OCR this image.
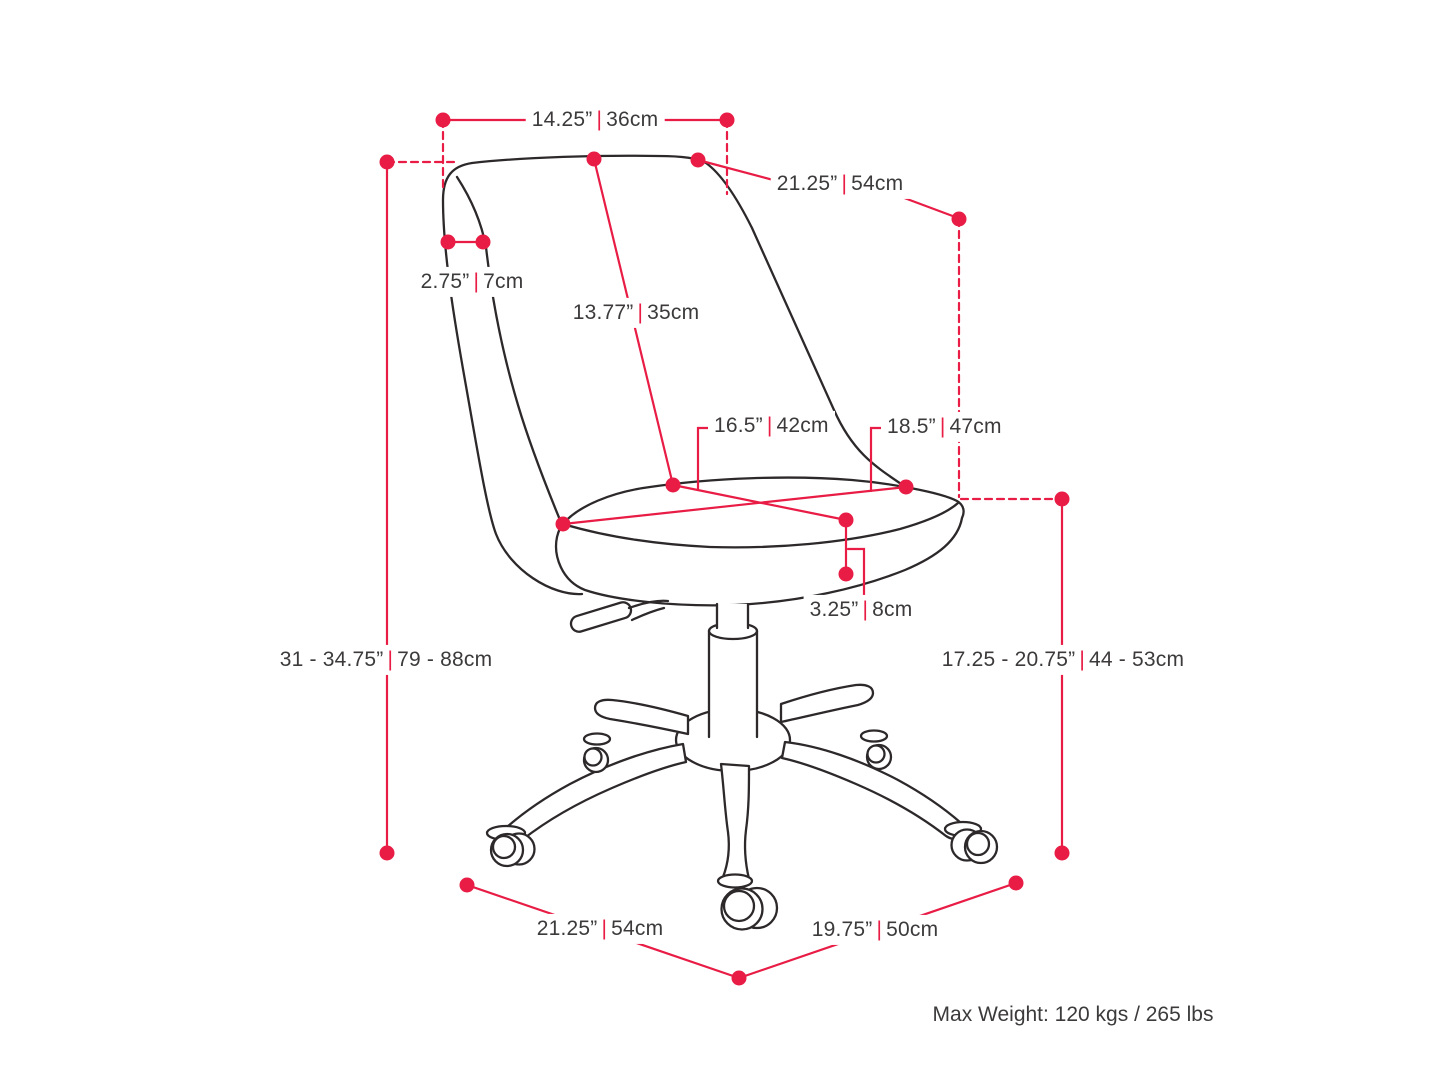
14.25” | 36cm
21.25” | 54cm
2.75” | 7cm
13.77” | 35cm
16.5” | 42cm	18.5” | 47cm
3.25” | 8cm
31 - 34.75” | 79 - 88cm	17.25 - 20.75” | 44 - 53cm
21.25” | 54cm	19.75” | 50cm
Max Weight: 120 kgs / 265 lbs
